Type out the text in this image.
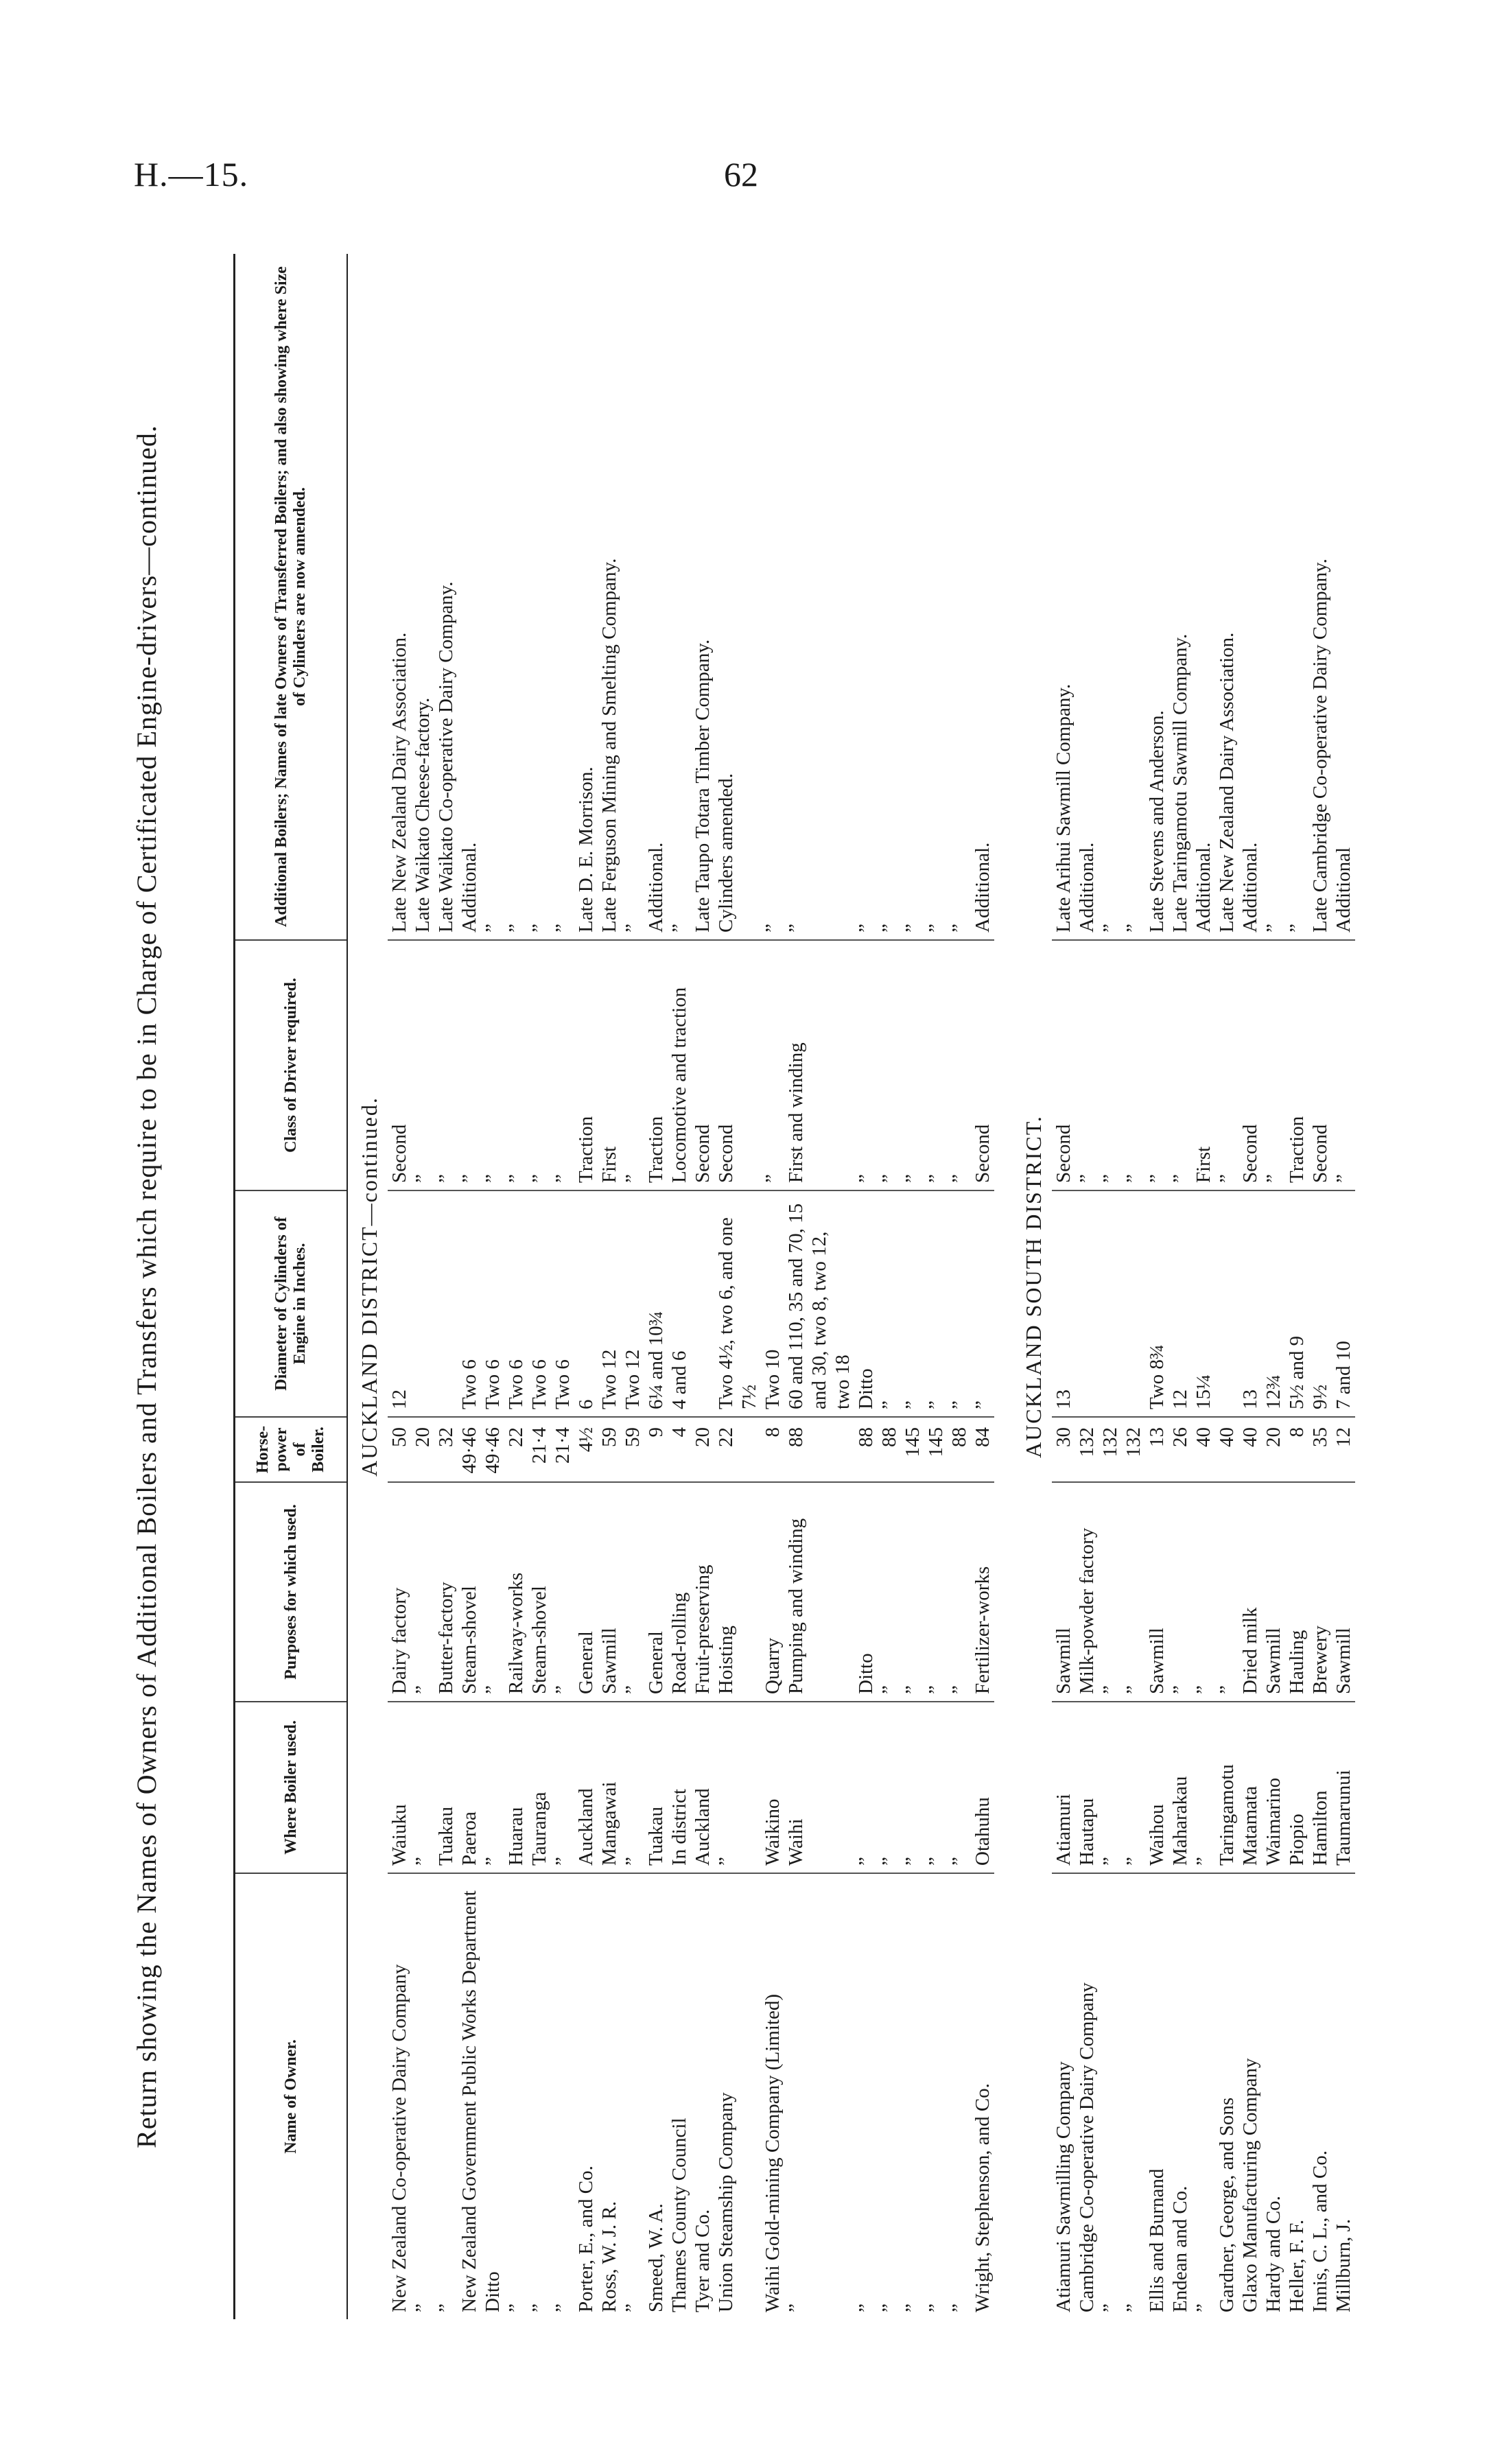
H.—15.	62
Return showing the Names of Owners of Additional Boilers and Transfers which require to be in Charge of Certificated Engine-drivers—continued.	Name of Owner.	Where Boiler used.	Purposes for which used.	Horse-power of Boiler.	Diameter of Cylinders of Engine in Inches.	Class of Driver required.	Additional Boilers; Names of late Owners of Transferred Boilers; and also showing where Size of Cylinders are now amended.
AUCKLAND DISTRICT—continued.						
New Zealand Co-operative Dairy Company	Waiuku	Dairy factory	50	12	Second	Late New Zealand Dairy Association.
”	”	”	20		”	Late Waikato Cheese-factory.
”	Tuakau	Butter-factory	32		”	Late Waikato Co-operative Dairy Company.
New Zealand Government Public Works Department	Paeroa	Steam-shovel	49·46	Two 6	”	Additional.
Ditto	”	”	49·46	Two 6	”	”
”	Huarau	Railway-works	22	Two 6	”	”
”	Tauranga	Steam-shovel	21·4	Two 6	”	”
”	”	”	21·4	Two 6	”	”
Porter, E., and Co.	Auckland	General	4½	6	Traction	Late D. E. Morrison.
Ross, W. J. R.	Mangawai	Sawmill	59	Two 12	First	Late Ferguson Mining and Smelting Company.
”	”	”	59	Two 12	”	”
Smeed, W. A.	Tuakau	General	9	6¼ and 10¾	Traction	Additional.
Thames County Council	In district	Road-rolling	4	4 and 6	Locomotive and traction	”
Tyer and Co.	Auckland	Fruit-preserving	20		Second	Late Taupo Totara Timber Company.
Union Steamship Company	”	Hoisting	22	Two 4½, two 6, and one 7½	Second	Cylinders amended.
Waihi Gold-mining Company (Limited)	Waikino	Quarry	8	Two 10	”	”
”	Waihi	Pumping and winding	88	60 and 110, 35 and 70, 15 and 30, two 8, two 12, two 18	First and winding	”
”	”	Ditto	88	Ditto	”	”
”	”	”	88	”	”	”
”	”	”	145	”	”	”
”	”	”	145	”	”	”
”	”	”	88	”	”	”
Wright, Stephenson, and Co.	Otahuhu	Fertilizer-works	84	”	Second	Additional.

AUCKLAND SOUTH DISTRICT.						
Atiamuri Sawmilling Company	Atiamuri	Sawmill	30	13	Second	Late Arihui Sawmill Company.
Cambridge Co-operative Dairy Company	Hautapu	Milk-powder factory	132		”	Additional.
”	”	”	132		”	”
”	”	”	132		”	”
Ellis and Burnand	Waihou	Sawmill	13	Two 8¾	”	Late Stevens and Anderson.
Endean and Co.	Maharakau	”	26	12	”	Late Taringamotu Sawmill Company.
”	”	”	40	15¼	First	Additional.
Gardner, George, and Sons	Taringamotu	”	40		”	Late New Zealand Dairy Association.
Glaxo Manufacturing Company	Matamata	Dried milk	40	13	Second	Additional.
Hardy and Co.	Waimarino	Sawmill	20	12¾	”	”
Heller, F. F.	Piopio	Hauling	8	5½ and 9	Traction	”
Innis, C. L., and Co.	Hamilton	Brewery	35	9½	Second	Late Cambridge Co-operative Dairy Company.
Millburn, J.	Taumarunui	Sawmill	12	7 and 10	”	Additional
